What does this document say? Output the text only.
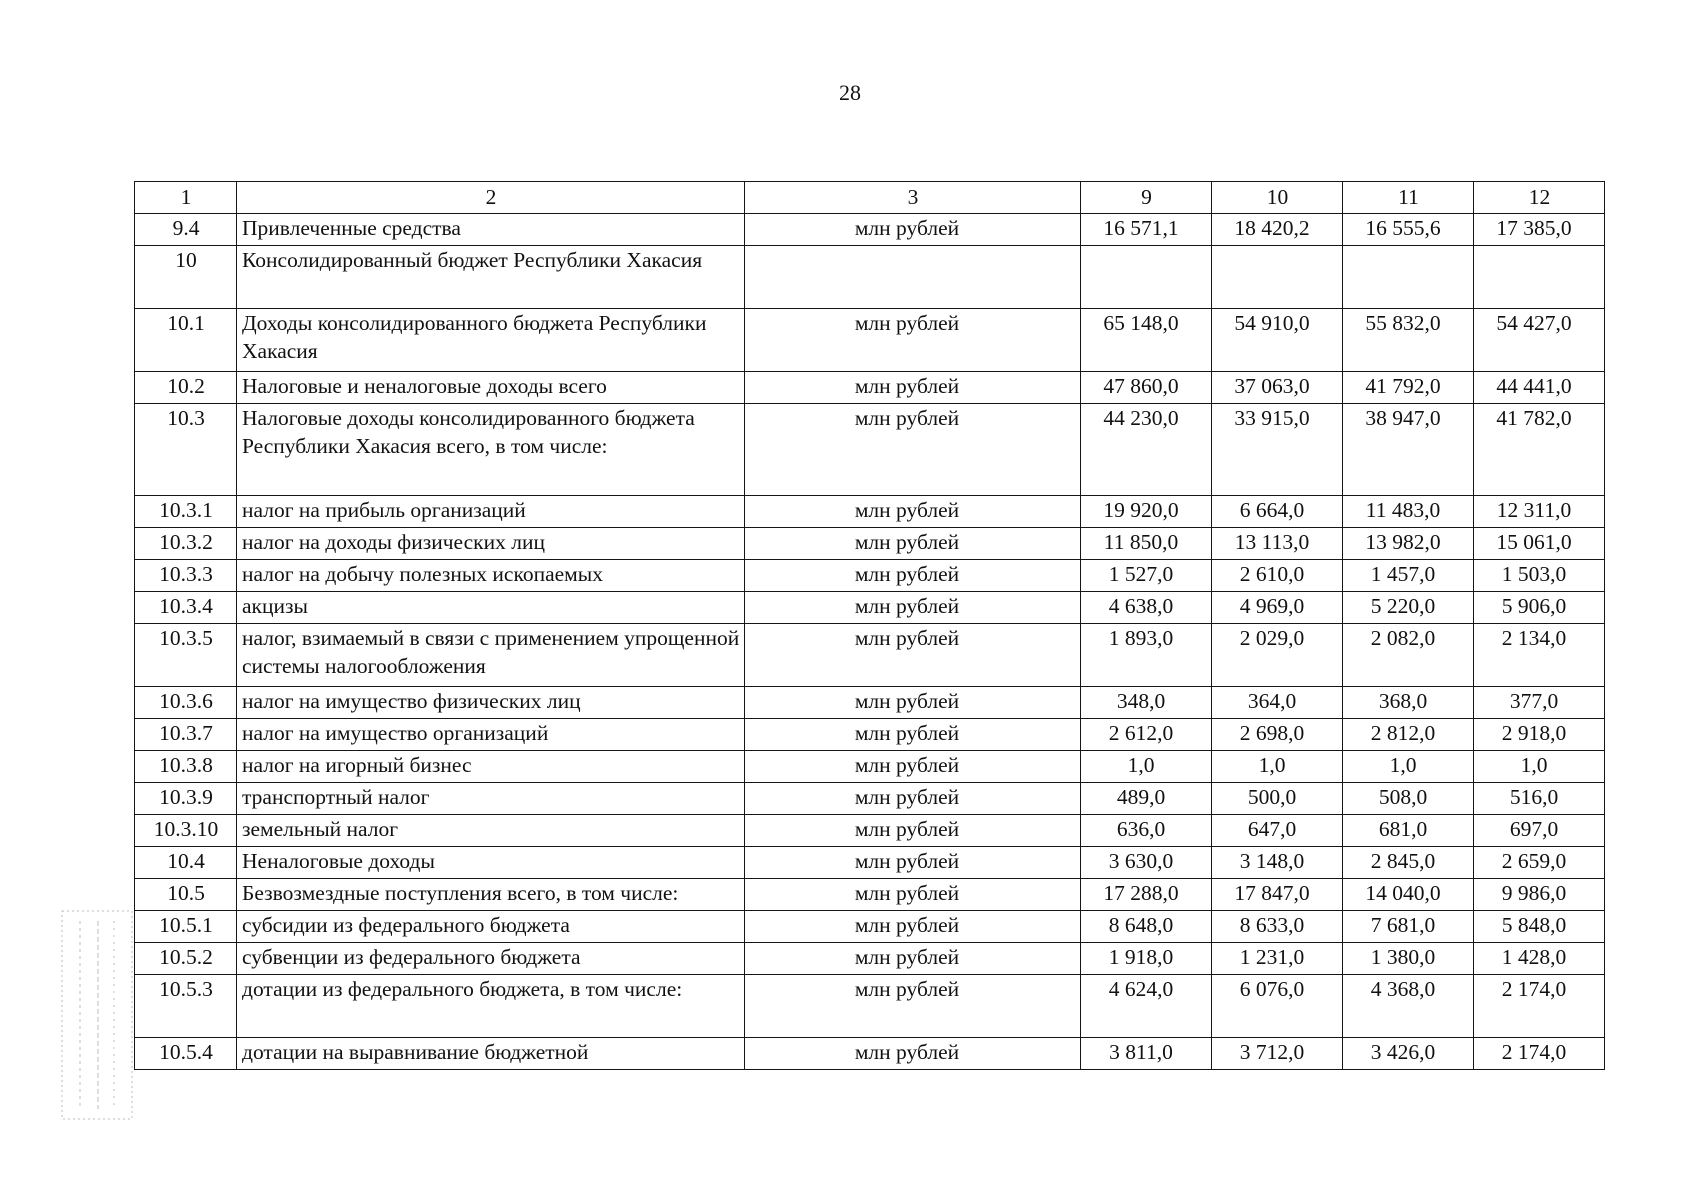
28
1	2	3	9	10	11	12
9.4	Привлеченные средства	млн рублей	16 571,1	18 420,2	16 555,6	17 385,0
10	Консолидированный бюджет Республики Хакасия					
10.1	Доходы консолидированного бюджета Республики Хакасия	млн рублей	65 148,0	54 910,0	55 832,0	54 427,0
10.2	Налоговые и неналоговые доходы всего	млн рублей	47 860,0	37 063,0	41 792,0	44 441,0
10.3	Налоговые доходы консолидированного бюджета Республики Хакасия всего, в том числе:	млн рублей	44 230,0	33 915,0	38 947,0	41 782,0
10.3.1	налог на прибыль организаций	млн рублей	19 920,0	6 664,0	11 483,0	12 311,0
10.3.2	налог на доходы физических лиц	млн рублей	11 850,0	13 113,0	13 982,0	15 061,0
10.3.3	налог на добычу полезных ископаемых	млн рублей	1 527,0	2 610,0	1 457,0	1 503,0
10.3.4	акцизы	млн рублей	4 638,0	4 969,0	5 220,0	5 906,0
10.3.5	налог, взимаемый в связи с применением упрощенной системы налогообложения	млн рублей	1 893,0	2 029,0	2 082,0	2 134,0
10.3.6	налог на имущество физических лиц	млн рублей	348,0	364,0	368,0	377,0
10.3.7	налог на имущество организаций	млн рублей	2 612,0	2 698,0	2 812,0	2 918,0
10.3.8	налог на игорный бизнес	млн рублей	1,0	1,0	1,0	1,0
10.3.9	транспортный налог	млн рублей	489,0	500,0	508,0	516,0
10.3.10	земельный налог	млн рублей	636,0	647,0	681,0	697,0
10.4	Неналоговые доходы	млн рублей	3 630,0	3 148,0	2 845,0	2 659,0
10.5	Безвозмездные поступления всего, в том числе:	млн рублей	17 288,0	17 847,0	14 040,0	9 986,0
10.5.1	субсидии из федерального бюджета	млн рублей	8 648,0	8 633,0	7 681,0	5 848,0
10.5.2	субвенции из федерального бюджета	млн рублей	1 918,0	1 231,0	1 380,0	1 428,0
10.5.3	дотации из федерального бюджета, в том числе:	млн рублей	4 624,0	6 076,0	4 368,0	2 174,0
10.5.4	дотации на выравнивание бюджетной	млн рублей	3 811,0	3 712,0	3 426,0	2 174,0
